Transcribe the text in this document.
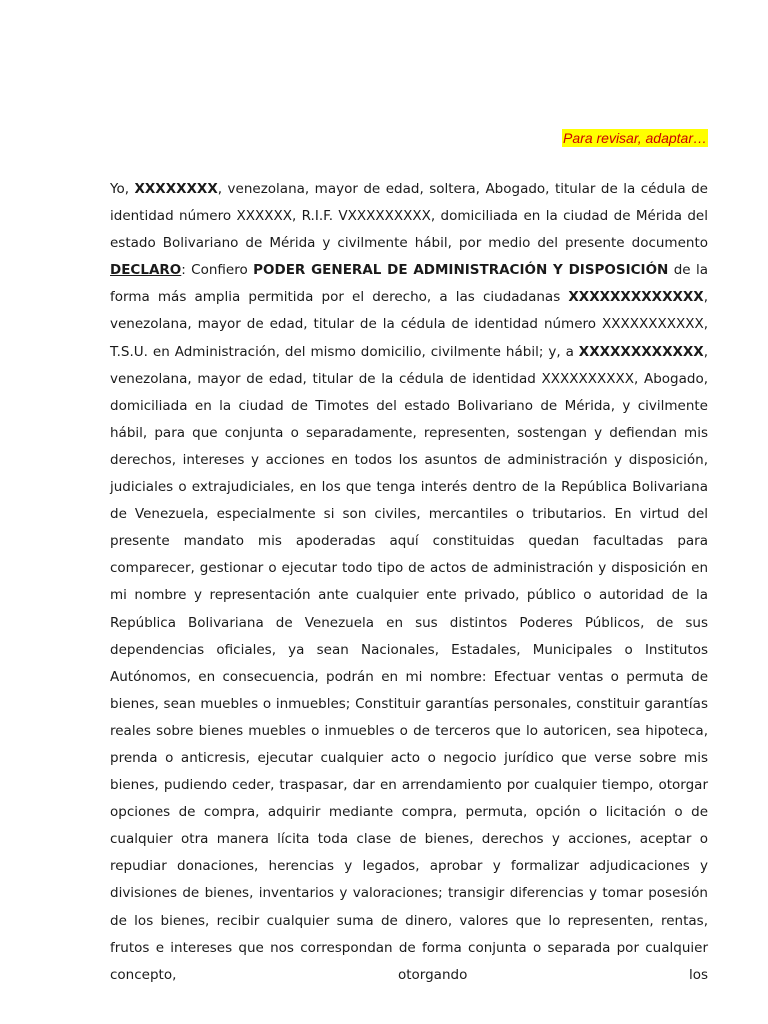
Para revisar, adaptar…

Yo, XXXXXXXX, venezolana, mayor de edad, soltera, Abogado, titular de la cédula de identidad número XXXXXX, R.I.F. VXXXXXXXXX, domiciliada en la ciudad de Mérida del estado Bolivariano de Mérida y civilmente hábil, por medio del presente documento DECLARO: Confiero PODER GENERAL DE ADMINISTRACIÓN Y DISPOSICIÓN de la forma más amplia permitida por el derecho, a las ciudadanas XXXXXXXXXXXXX, venezolana, mayor de edad, titular de la cédula de identidad número XXXXXXXXXXX, T.S.U. en Administración, del mismo domicilio, civilmente hábil; y, a XXXXXXXXXXXX, venezolana, mayor de edad, titular de la cédula de identidad XXXXXXXXXX, Abogado, domiciliada en la ciudad de Timotes del estado Bolivariano de Mérida, y civilmente hábil, para que conjunta o separadamente, representen, sostengan y defiendan mis derechos, intereses y acciones en todos los asuntos de administración y disposición, judiciales o extrajudiciales, en los que tenga interés dentro de la República Bolivariana de Venezuela, especialmente si son civiles, mercantiles o tributarios. En virtud del presente mandato mis apoderadas aquí constituidas quedan facultadas para comparecer, gestionar o ejecutar todo tipo de actos de administración y disposición en mi nombre y representación ante cualquier ente privado, público o autoridad de la República Bolivariana de Venezuela en sus distintos Poderes Públicos, de sus dependencias oficiales, ya sean Nacionales, Estadales, Municipales o Institutos Autónomos, en consecuencia, podrán en mi nombre: Efectuar ventas o permuta de bienes, sean muebles o inmuebles; Constituir garantías personales, constituir garantías reales sobre bienes muebles o inmuebles o de terceros que lo autoricen, sea hipoteca, prenda o anticresis, ejecutar cualquier acto o negocio jurídico que verse sobre mis bienes, pudiendo ceder, traspasar, dar en arrendamiento por cualquier tiempo, otorgar opciones de compra, adquirir mediante compra, permuta, opción o licitación o de cualquier otra manera lícita toda clase de bienes, derechos y acciones, aceptar o repudiar donaciones, herencias y legados, aprobar y formalizar adjudicaciones y divisiones de bienes, inventarios y valoraciones; transigir diferencias y tomar posesión de los bienes, recibir cualquier suma de dinero, valores que lo representen, rentas, frutos e intereses que nos correspondan de forma conjunta o separada por cualquier concepto, otorgando los
